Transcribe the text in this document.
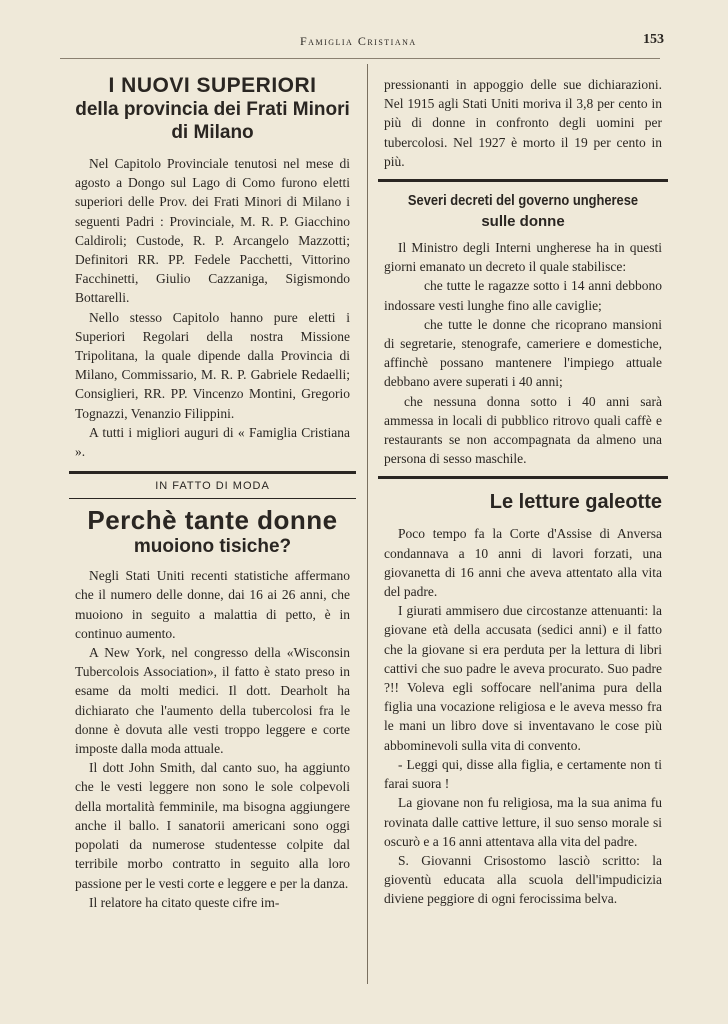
Famiglia Cristiana	153
I NUOVI SUPERIORI
della provincia dei Frati Minori
di Milano

Nel Capitolo Provinciale tenutosi nel mese di agosto a Dongo sul Lago di Como furono eletti superiori delle Prov. dei Frati Minori di Milano i seguenti Padri : Provinciale, M. R. P. Giacchino Caldiroli; Custode, R. P. Arcangelo Mazzotti; Definitori RR. PP. Fedele Pacchetti, Vittorino Facchinetti, Giulio Cazzaniga, Sigismondo Bottarelli.

Nello stesso Capitolo hanno pure eletti i Superiori Regolari della nostra Missione Tripolitana, la quale dipende dalla Provincia di Milano, Commissario, M. R. P. Gabriele Redaelli; Consiglieri, RR. PP. Vincenzo Montini, Gregorio Tognazzi, Venanzio Filippini.

A tutti i migliori auguri di « Famiglia Cristiana ».

IN FATTO DI MODA
Perchè tante donne
muoiono tisiche?

Negli Stati Uniti recenti statistiche affermano che il numero delle donne, dai 16 ai 26 anni, che muoiono in seguito a malattia di petto, è in continuo aumento.

A New York, nel congresso della «Wisconsin Tubercolois Association», il fatto è stato preso in esame da molti medici. Il dott. Dearholt ha dichiarato che l'aumento della tubercolosi fra le donne è dovuta alle vesti troppo leggere e corte imposte dalla moda attuale.

Il dott John Smith, dal canto suo, ha aggiunto che le vesti leggere non sono le sole colpevoli della mortalità femminile, ma bisogna aggiungere anche il ballo. I sanatorii americani sono oggi popolati da numerose studentesse colpite dal terribile morbo contratto in seguito alla loro passione per le vesti corte e leggere e per la danza.

Il relatore ha citato queste cifre im-

pressionanti in appoggio delle sue dichiarazioni. Nel 1915 agli Stati Uniti moriva il 3,8 per cento in più di donne in confronto degli uomini per tubercolosi. Nel 1927 è morto il 19 per cento in più.

Severi decreti del governo ungherese
sulle donne

Il Ministro degli Interni ungherese ha in questi giorni emanato un decreto il quale stabilisce:

che tutte le ragazze sotto i 14 anni debbono indossare vesti lunghe fino alle caviglie;

che tutte le donne che ricoprano mansioni di segretarie, stenografe, cameriere e domestiche, affinchè possano mantenere l'impiego attuale debbano avere superati i 40 anni;

che nessuna donna sotto i 40 anni sarà ammessa in locali di pubblico ritrovo quali caffè e restaurants se non accompagnata da almeno una persona di sesso maschile.

Le letture galeotte

Poco tempo fa la Corte d'Assise di Anversa condannava a 10 anni di lavori forzati, una giovanetta di 16 anni che aveva attentato alla vita del padre.

I giurati ammisero due circostanze attenuanti: la giovane età della accusata (sedici anni) e il fatto che la giovane si era perduta per la lettura di libri cattivi che suo padre le aveva procurato. Suo padre ?!! Voleva egli soffocare nell'anima pura della figlia una vocazione religiosa e le aveva messo fra le mani un libro dove si inventavano le cose più abbominevoli sulla vita di convento.

- Leggi qui, disse alla figlia, e certamente non ti farai suora !

La giovane non fu religiosa, ma la sua anima fu rovinata dalle cattive letture, il suo senso morale si oscurò e a 16 anni attentava alla vita del padre.

S. Giovanni Crisostomo lasciò scritto: la gioventù educata alla scuola dell'impudicizia diviene peggiore di ogni ferocissima belva.
